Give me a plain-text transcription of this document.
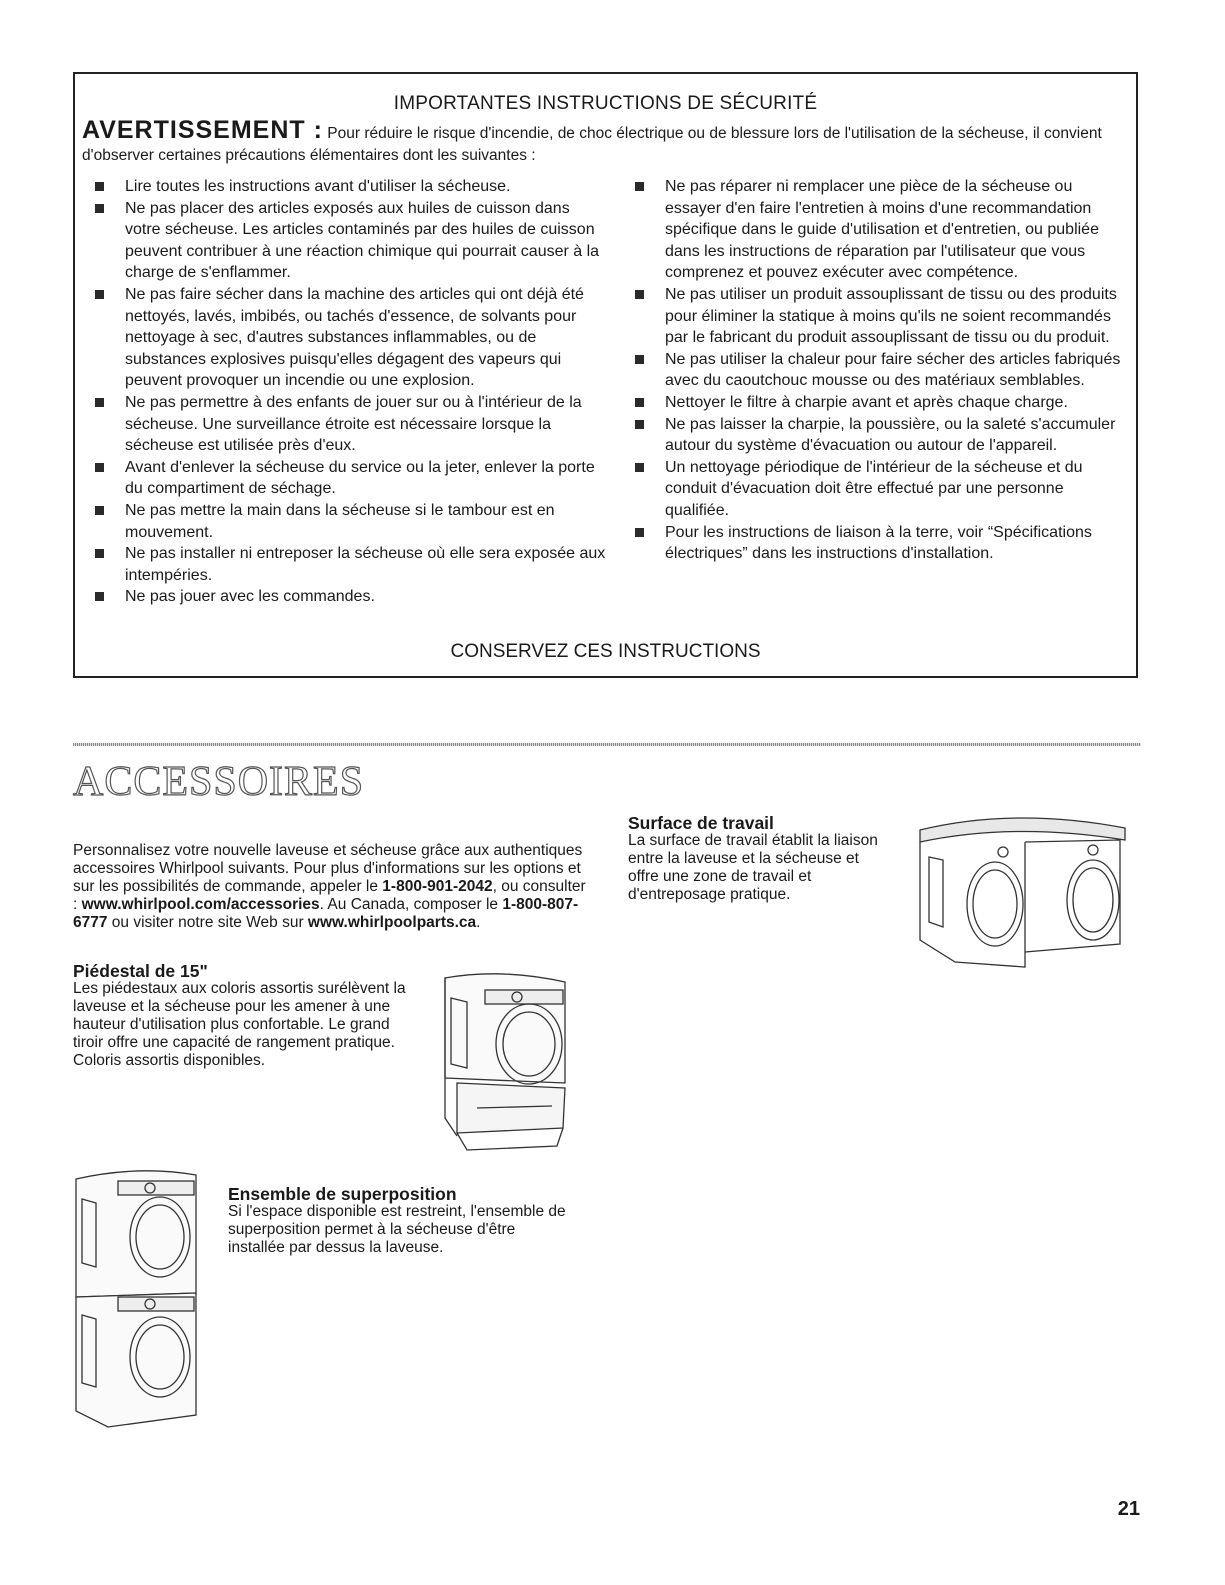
IMPORTANTES INSTRUCTIONS DE SÉCURITÉ
AVERTISSEMENT : Pour réduire le risque d'incendie, de choc électrique ou de blessure lors de l'utilisation de la sécheuse, il convient d'observer certaines précautions élémentaires dont les suivantes :
Lire toutes les instructions avant d'utiliser la sécheuse.
Ne pas placer des articles exposés aux huiles de cuisson dans votre sécheuse. Les articles contaminés par des huiles de cuisson peuvent contribuer à une réaction chimique qui pourrait causer à la charge de s'enflammer.
Ne pas faire sécher dans la machine des articles qui ont déjà été nettoyés, lavés, imbibés, ou tachés d'essence, de solvants pour nettoyage à sec, d'autres substances inflammables, ou de substances explosives puisqu'elles dégagent des vapeurs qui peuvent provoquer un incendie ou une explosion.
Ne pas permettre à des enfants de jouer sur ou à l'intérieur de la sécheuse. Une surveillance étroite est nécessaire lorsque la sécheuse est utilisée près d'eux.
Avant d'enlever la sécheuse du service ou la jeter, enlever la porte du compartiment de séchage.
Ne pas mettre la main dans la sécheuse si le tambour est en mouvement.
Ne pas installer ni entreposer la sécheuse où elle sera exposée aux intempéries.
Ne pas jouer avec les commandes.
Ne pas réparer ni remplacer une pièce de la sécheuse ou essayer d'en faire l'entretien à moins d'une recommandation spécifique dans le guide d'utilisation et d'entretien, ou publiée dans les instructions de réparation par l'utilisateur que vous comprenez et pouvez exécuter avec compétence.
Ne pas utiliser un produit assouplissant de tissu ou des produits pour éliminer la statique à moins qu'ils ne soient recommandés par le fabricant du produit assouplissant de tissu ou du produit.
Ne pas utiliser la chaleur pour faire sécher des articles fabriqués avec du caoutchouc mousse ou des matériaux semblables.
Nettoyer le filtre à charpie avant et après chaque charge.
Ne pas laisser la charpie, la poussière, ou la saleté s'accumuler autour du système d'évacuation ou autour de l'appareil.
Un nettoyage périodique de l'intérieur de la sécheuse et du conduit d'évacuation doit être effectué par une personne qualifiée.
Pour les instructions de liaison à la terre, voir “Spécifications électriques” dans les instructions d'installation.
CONSERVEZ CES INSTRUCTIONS
ACCESSOIRES
Personnalisez votre nouvelle laveuse et sécheuse grâce aux authentiques accessoires Whirlpool suivants. Pour plus d'informations sur les options et sur les possibilités de commande, appeler le 1-800-901-2042, ou consulter : www.whirlpool.com/accessories. Au Canada, composer le 1-800-807-6777 ou visiter notre site Web sur www.whirlpoolparts.ca.

Piédestal de 15"

Les piédestaux aux coloris assortis surélèvent la laveuse et la sécheuse pour les amener à une hauteur d'utilisation plus confortable. Le grand tiroir offre une capacité de rangement pratique. Coloris assortis disponibles.

Surface de travail

La surface de travail établit la liaison entre la laveuse et la sécheuse et offre une zone de travail et d'entreposage pratique.

Ensemble de superposition

Si l'espace disponible est restreint, l'ensemble de superposition permet à la sécheuse d'être installée par dessus la laveuse.
21
